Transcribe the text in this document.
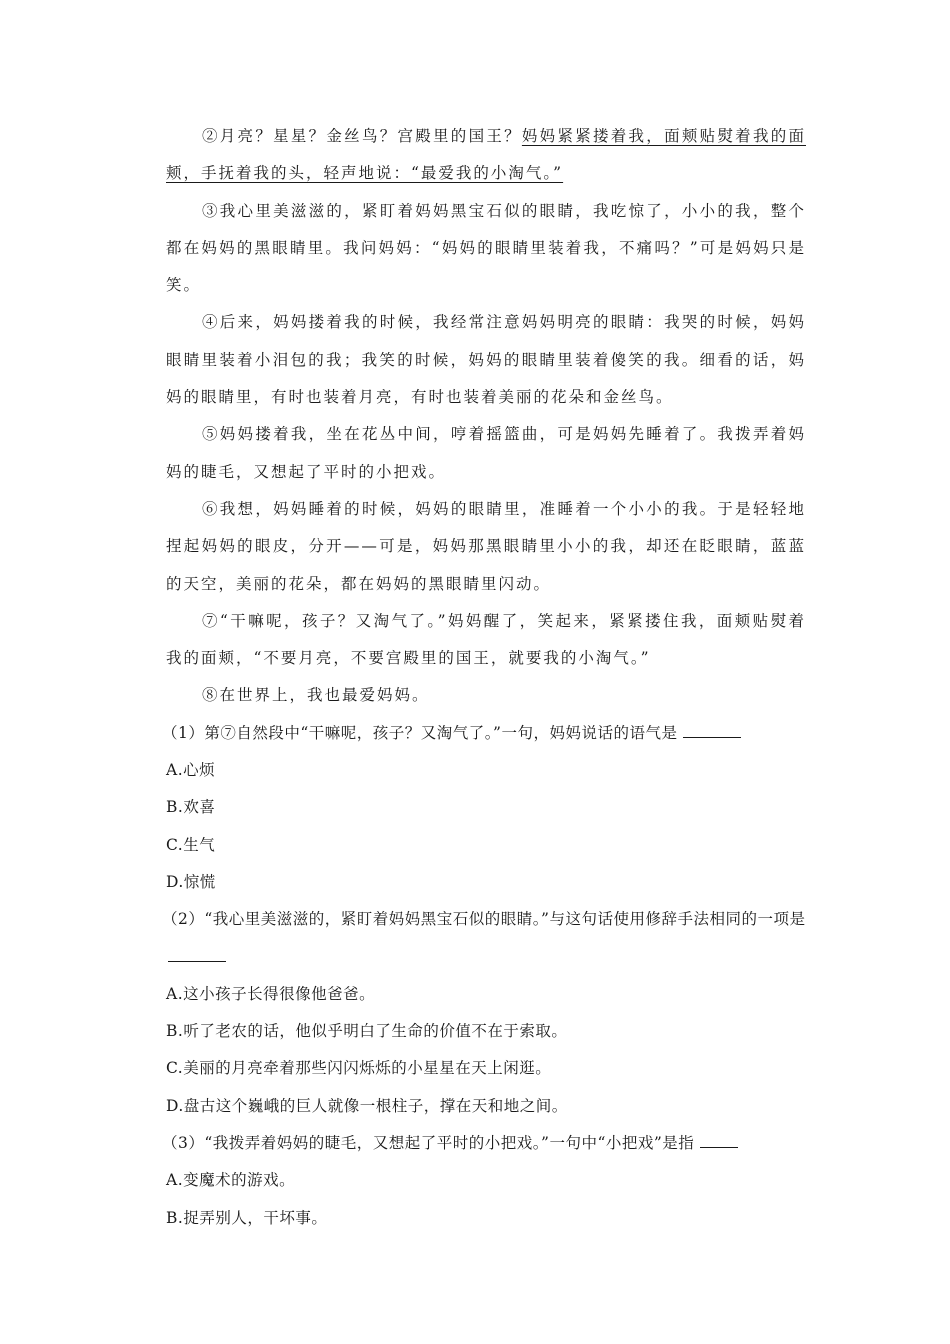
②月亮？星星？金丝鸟？宫殿里的国王？妈妈紧紧搂着我，面颊贴熨着我的面颊，手抚着我的头，轻声地说：“最爱我的小淘气。”

③我心里美滋滋的，紧盯着妈妈黑宝石似的眼睛，我吃惊了，小小的我，整个都在妈妈的黑眼睛里。我问妈妈：“妈妈的眼睛里装着我，不痛吗？”可是妈妈只是笑。

④后来，妈妈搂着我的时候，我经常注意妈妈明亮的眼睛：我哭的时候，妈妈眼睛里装着小泪包的我；我笑的时候，妈妈的眼睛里装着傻笑的我。细看的话，妈妈的眼睛里，有时也装着月亮，有时也装着美丽的花朵和金丝鸟。

⑤妈妈搂着我，坐在花丛中间，哼着摇篮曲，可是妈妈先睡着了。我拨弄着妈妈的睫毛，又想起了平时的小把戏。

⑥我想，妈妈睡着的时候，妈妈的眼睛里，准睡着一个小小的我。于是轻轻地捏起妈妈的眼皮，分开——可是，妈妈那黑眼睛里小小的我，却还在眨眼睛，蓝蓝的天空，美丽的花朵，都在妈妈的黑眼睛里闪动。

⑦“干嘛呢，孩子？又淘气了。”妈妈醒了，笑起来，紧紧搂住我，面颊贴熨着我的面颊，“不要月亮，不要宫殿里的国王，就要我的小淘气。”

⑧在世界上，我也最爱妈妈。

（1）第⑦自然段中“干嘛呢，孩子？又淘气了。”一句，妈妈说话的语气是

A.心烦

B.欢喜

C.生气

D.惊慌

（2）“我心里美滋滋的，紧盯着妈妈黑宝石似的眼睛。”与这句话使用修辞手法相同的一项是

A.这小孩子长得很像他爸爸。

B.听了老农的话，他似乎明白了生命的价值不在于索取。

C.美丽的月亮牵着那些闪闪烁烁的小星星在天上闲逛。

D.盘古这个巍峨的巨人就像一根柱子，撑在天和地之间。

（3）“我拨弄着妈妈的睫毛，又想起了平时的小把戏。”一句中“小把戏”是指

A.变魔术的游戏。

B.捉弄别人，干坏事。
